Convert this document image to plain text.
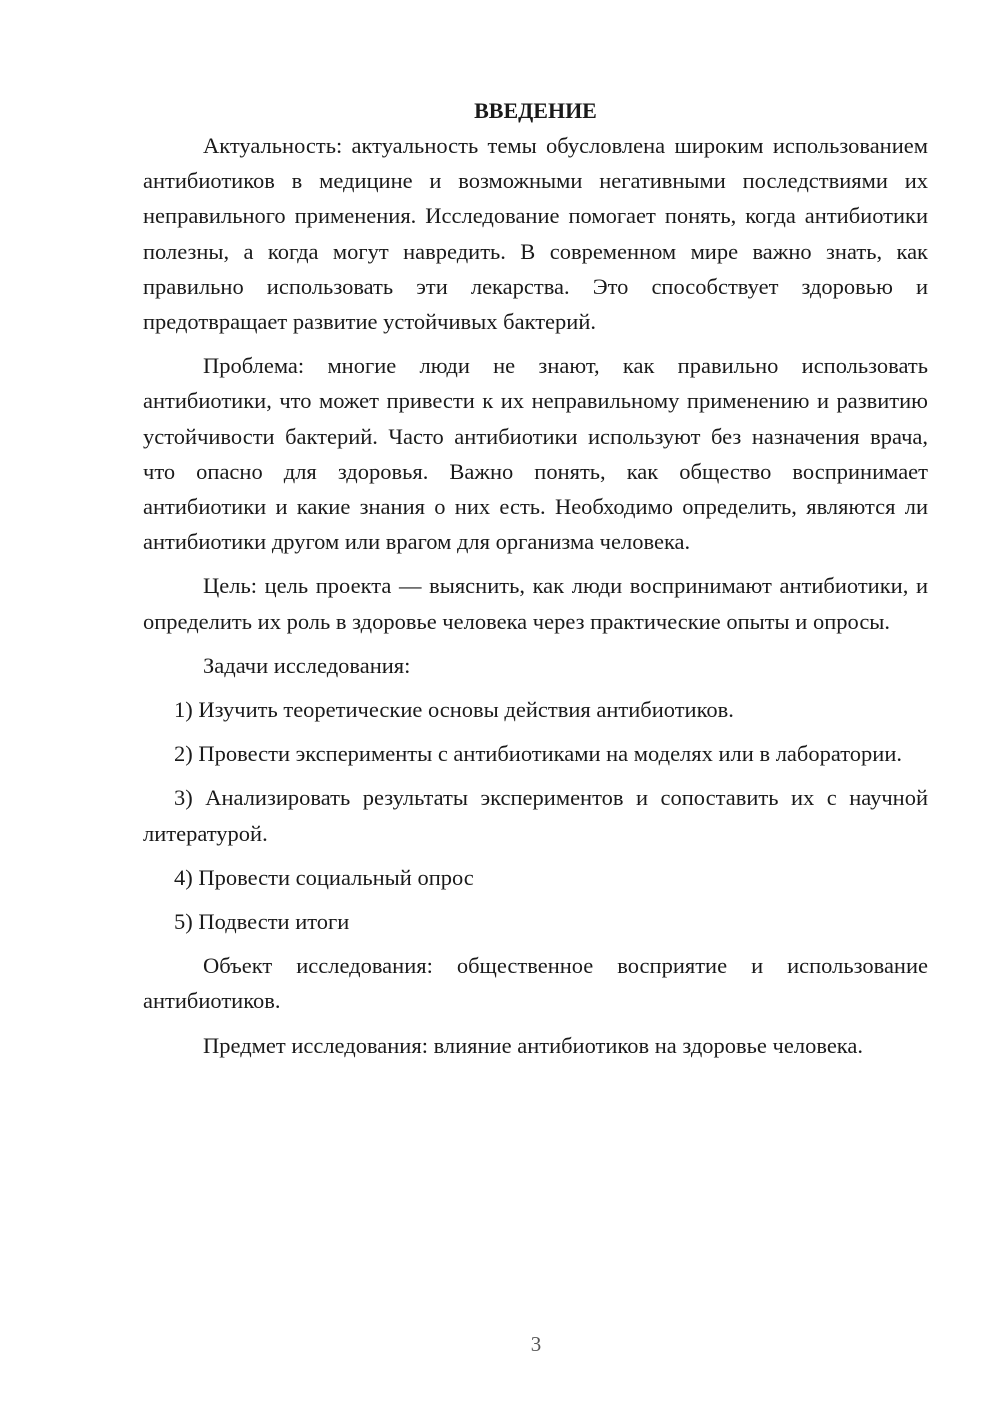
ВВЕДЕНИЕ

Актуальность: актуальность темы обусловлена широким использованием антибиотиков в медицине и возможными негативными последствиями их неправильного применения. Исследование помогает понять, когда антибиотики полезны, а когда могут навредить. В современном мире важно знать, как правильно использовать эти лекарства. Это способствует здоровью и предотвращает развитие устойчивых бактерий.

Проблема: многие люди не знают, как правильно использовать антибиотики, что может привести к их неправильному применению и развитию устойчивости бактерий. Часто антибиотики используют без назначения врача, что опасно для здоровья. Важно понять, как общество воспринимает антибиотики и какие знания о них есть. Необходимо определить, являются ли антибиотики другом или врагом для организма человека.

Цель: цель проекта — выяснить, как люди воспринимают антибиотики, и определить их роль в здоровье человека через практические опыты и опросы.

Задачи исследования:

1) Изучить теоретические основы действия антибиотиков.

2) Провести эксперименты с антибиотиками на моделях или в лаборатории.

3) Анализировать результаты экспериментов и сопоставить их с научной литературой.

4) Провести социальный опрос

5) Подвести итоги

Объект исследования: общественное восприятие и использование антибиотиков.

Предмет исследования: влияние антибиотиков на здоровье человека.

3
